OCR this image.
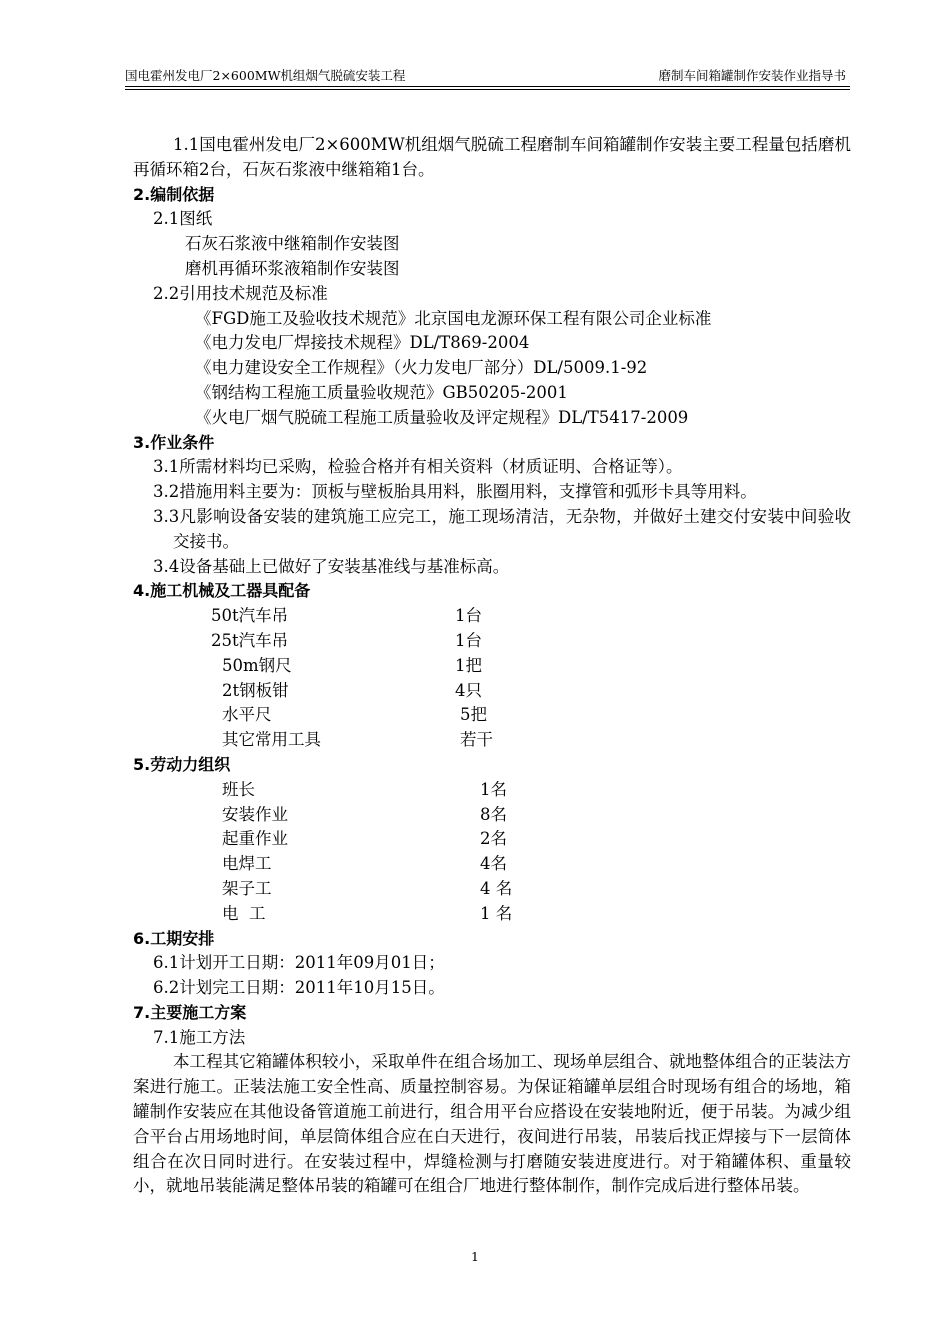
国电霍州发电厂2×600MW机组烟气脱硫安装工程	磨制车间箱罐制作安装作业指导书
1.1国电霍州发电厂2×600MW机组烟气脱硫工程磨制车间箱罐制作安装主要工程量包括磨机再循环箱2台，石灰石浆液中继箱箱1台。
2.编制依据
2.1图纸
石灰石浆液中继箱制作安装图
磨机再循环浆液箱制作安装图
2.2引用技术规范及标准
《FGD施工及验收技术规范》北京国电龙源环保工程有限公司企业标准
《电力发电厂焊接技术规程》DL/T869-2004
《电力建设安全工作规程》（火力发电厂部分）DL/5009.1-92
《钢结构工程施工质量验收规范》GB50205-2001
《火电厂烟气脱硫工程施工质量验收及评定规程》DL/T5417-2009
3.作业条件
3.1所需材料均已采购，检验合格并有相关资料（材质证明、合格证等）。
3.2措施用料主要为：顶板与壁板胎具用料，胀圈用料，支撑管和弧形卡具等用料。
3.3凡影响设备安装的建筑施工应完工，施工现场清洁，无杂物，并做好土建交付安装中间验收交接书。
3.4设备基础上已做好了安装基准线与基准标高。
4.施工机械及工器具配备
50t汽车吊	1台
25t汽车吊	1台
50m钢尺	1把
2t钢板钳	4只
水平尺	5把
其它常用工具	若干
5.劳动力组织
班长	1名
安装作业	8名
起重作业	2名
电焊工	4名
架子工	4 名
电  工	1 名
6.工期安排
6.1计划开工日期：2011年09月01日；
6.2计划完工日期：2011年10月15日。
7.主要施工方案
7.1施工方法
本工程其它箱罐体积较小，采取单件在组合场加工、现场单层组合、就地整体组合的正装法方案进行施工。正装法施工安全性高、质量控制容易。为保证箱罐单层组合时现场有组合的场地，箱罐制作安装应在其他设备管道施工前进行，组合用平台应搭设在安装地附近，便于吊装。为减少组合平台占用场地时间，单层筒体组合应在白天进行，夜间进行吊装，吊装后找正焊接与下一层筒体组合在次日同时进行。在安装过程中，焊缝检测与打磨随安装进度进行。对于箱罐体积、重量较小，就地吊装能满足整体吊装的箱罐可在组合厂地进行整体制作，制作完成后进行整体吊装。
1
